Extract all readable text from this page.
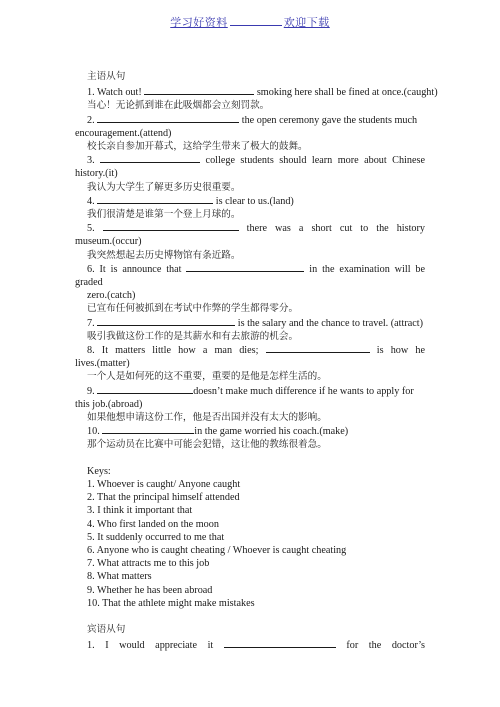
学习好资料	欢迎下载
主语从句
1. Watch out!	smoking here shall be fined at once.(caught)
当心！无论抓到谁在此吸烟都会立刻罚款。
2.	the open ceremony gave the students much
encouragement.(attend)
校长亲自参加开幕式，这给学生带来了极大的鼓舞。
3.	college students should learn more about Chinese
history.(it)
我认为大学生了解更多历史很重要。
4.	is clear to us.(land)
我们很清楚是谁第一个登上月球的。
5.	there was a short cut to the history
museum.(occur)
我突然想起去历史博物馆有条近路。
6. It is announce that	in the examination will be
graded
zero.(catch)
已宣布任何被抓到在考试中作弊的学生都得零分。
7.	is the salary and the chance to travel. (attract)
吸引我做这份工作的是其薪水和有去旅游的机会。
8. It matters little how a man dies;	is how he
lives.(matter)
一个人是如何死的这不重要，重要的是他是怎样生活的。
9.	doesn’t make much difference if he wants to apply for
this job.(abroad)
如果他想申请这份工作，他是否出国并没有太大的影响。
10.	in the game worried his coach.(make)
那个运动员在比赛中可能会犯错，这让他的教练很着急。
Keys:
1. Whoever is caught/ Anyone caught
2. That the principal himself attended
3. I think it important that
4. Who first landed on the moon
5. It suddenly occurred to me that
6. Anyone who is caught cheating / Whoever is caught cheating
7. What attracts me to this job
8. What matters
9. Whether he has been abroad
10. That the athlete might make mistakes
宾语从句
1. I would appreciate it	for the doctor’s
